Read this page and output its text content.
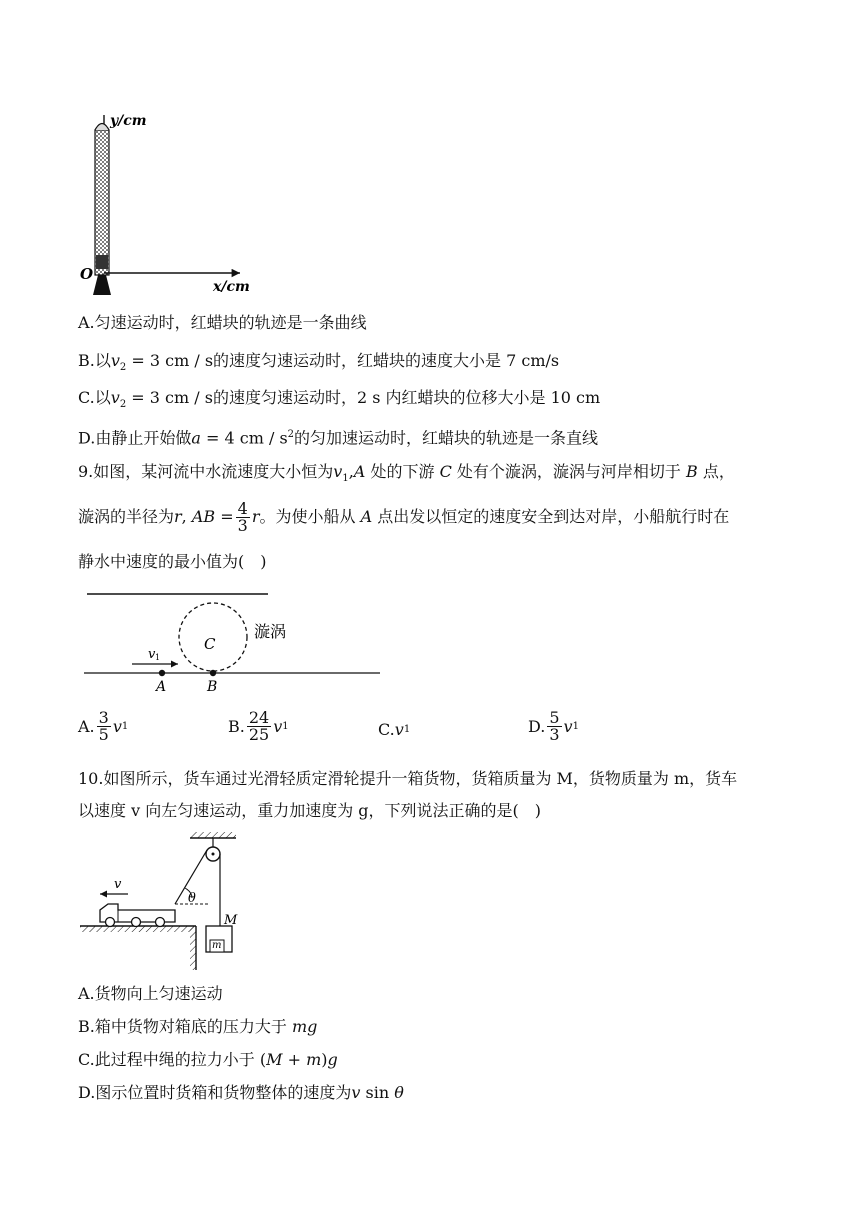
y/cm
x/cm
O
A.匀速运动时，红蜡块的轨迹是一条曲线
B.以$v_2 = 3$ cm / s的速度匀速运动时，红蜡块的速度大小是 7 cm/s
C.以$v_2 = 3$ cm / s的速度匀速运动时，2 s 内红蜡块的位移大小是 10 cm
D.由静止开始做a = 4 cm / $s^2$的匀加速运动时，红蜡块的轨迹是一条直线
9.如图，某河流中水流速度大小恒为$v_1,A$ 处的下游 C 处有个漩涡，漩涡与河岸相切于 B 点，
漩涡的半径为 r , AB = $\frac{4}{3}$ r 。为使小船从
A
点出发以恒定的速度安全到达对岸，小船航行时在
静水中速度的最小值为(　)
v 1
C
A	B
漩涡
A. $\frac{3}{5}$ v 1	B. $\frac{24}{25}$ v 1	C. v 1	D. $\frac{5}{3}$ v 1
10.如图所示，货车通过光滑轻质定滑轮提升一箱货物，货箱质量为 M，货物质量为 m，货车
以速度 v 向左匀速运动，重力加速度为 g，下列说法正确的是(　)
θ
v
M
m
A.货物向上匀速运动
B.箱中货物对箱底的压力大于 mg
C.此过程中绳的拉力小于 (M + m)g
D.图示位置时货箱和货物整体的速度为v sin θ
